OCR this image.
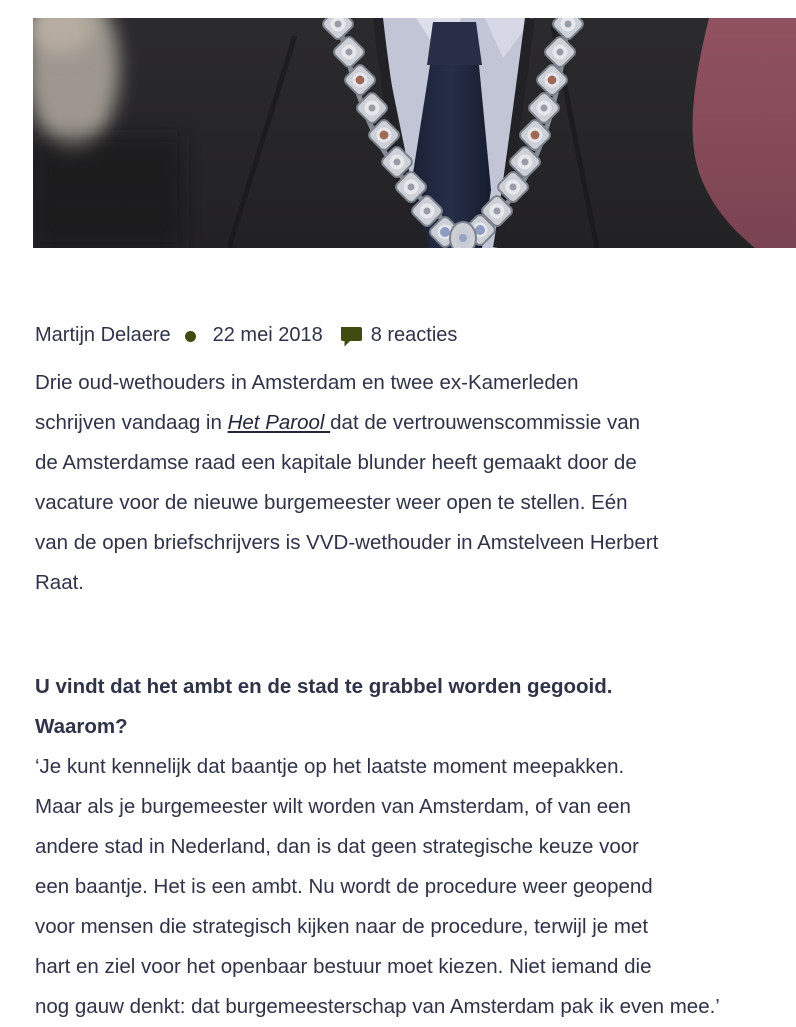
Martijn Delaere 22 mei 2018 8 reacties

Drie oud-wethouders in Amsterdam en twee ex-Kamerleden
schrijven vandaag in Het Parool dat de vertrouwenscommissie van
de Amsterdamse raad een kapitale blunder heeft gemaakt door de
vacature voor de nieuwe burgemeester weer open te stellen. Eén
van de open briefschrijvers is VVD-wethouder in Amstelveen Herbert
Raat.

U vindt dat het ambt en de stad te grabbel worden gegooid.
Waarom?
‘Je kunt kennelijk dat baantje op het laatste moment meepakken.
Maar als je burgemeester wilt worden van Amsterdam, of van een
andere stad in Nederland, dan is dat geen strategische keuze voor
een baantje. Het is een ambt. Nu wordt de procedure weer geopend
voor mensen die strategisch kijken naar de procedure, terwijl je met
hart en ziel voor het openbaar bestuur moet kiezen. Niet iemand die
nog gauw denkt: dat burgemeesterschap van Amsterdam pak ik even mee.’
